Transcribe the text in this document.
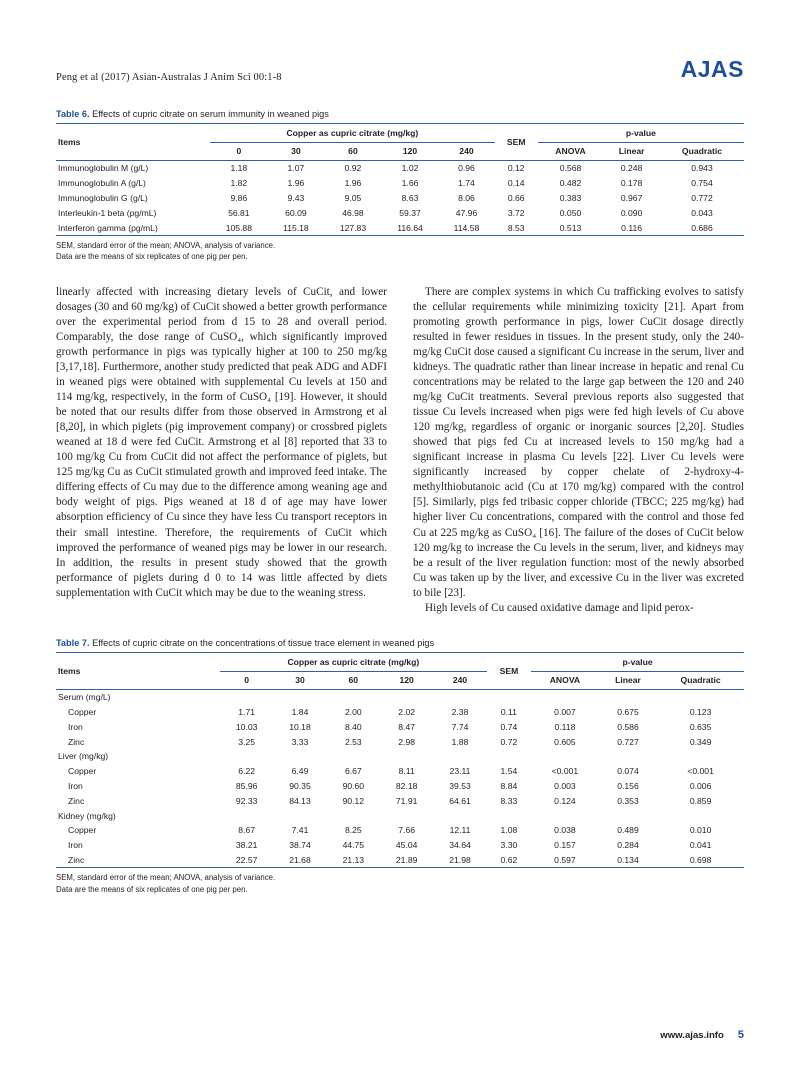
Peng et al (2017) Asian-Australas J Anim Sci 00:1-8	AJAS
Table 6. Effects of cupric citrate on serum immunity in weaned pigs
Items	Copper as cupric citrate (mg/kg)					SEM	p-value		
	0	30	60	120	240		ANOVA	Linear	Quadratic
Immunoglobulin M (g/L)	1.18	1.07	0.92	1.02	0.96	0.12	0.568	0.248	0.943
Immunoglobulin A (g/L)	1.82	1.96	1.96	1.66	1.74	0.14	0.482	0.178	0.754
Immunoglobulin G (g/L)	9.86	9.43	9.05	8.63	8.06	0.66	0.383	0.967	0.772
Interleukin-1 beta (pg/mL)	56.81	60.09	46.98	59.37	47.96	3.72	0.050	0.090	0.043
Interferon gamma (pg/mL)	105.88	115.18	127.83	116.64	114.58	8.53	0.513	0.116	0.686
SEM, standard error of the mean; ANOVA, analysis of variance.
Data are the means of six replicates of one pig per pen.

linearly affected with increasing dietary levels of CuCit, and lower dosages (30 and 60 mg/kg) of CuCit showed a better growth performance over the experimental period from d 15 to 28 and overall period. Comparably, the dose range of CuSO₄, which significantly improved growth performance in pigs was typically higher at 100 to 250 mg/kg [3,17,18]. Furthermore, another study predicted that peak ADG and ADFI in weaned pigs were obtained with supplemental Cu levels at 150 and 114 mg/kg, respectively, in the form of CuSO₄ [19]. However, it should be noted that our results differ from those observed in Armstrong et al [8,20], in which piglets (pig improvement company) or crossbred piglets weaned at 18 d were fed CuCit. Armstrong et al [8] reported that 33 to 100 mg/kg Cu from CuCit did not affect the performance of piglets, but 125 mg/kg Cu as CuCit stimulated growth and improved feed intake. The differing effects of Cu may due to the difference among weaning age and body weight of pigs. Pigs weaned at 18 d of age may have lower absorption efficiency of Cu since they have less Cu transport receptors in their small intestine. Therefore, the requirements of CuCit which improved the performance of weaned pigs may be lower in our research. In addition, the results in present study showed that the growth performance of piglets during d 0 to 14 was little affected by diets supplementation with CuCit which may be due to the weaning stress.

There are complex systems in which Cu trafficking evolves to satisfy the cellular requirements while minimizing toxicity [21]. Apart from promoting growth performance in pigs, lower CuCit dosage directly resulted in fewer residues in tissues. In the present study, only the 240-mg/kg CuCit dose caused a significant Cu increase in the serum, liver and kidneys. The quadratic rather than linear increase in hepatic and renal Cu concentrations may be related to the large gap between the 120 and 240 mg/kg CuCit treatments. Several previous reports also suggested that tissue Cu levels increased when pigs were fed high levels of Cu above 120 mg/kg, regardless of organic or inorganic sources [2,20]. Studies showed that pigs fed Cu at increased levels to 150 mg/kg had a significant increase in plasma Cu levels [22]. Liver Cu levels were significantly increased by copper chelate of 2-hydroxy-4-methylthiobutanoic acid (Cu at 170 mg/kg) compared with the control [5]. Similarly, pigs fed tribasic copper chloride (TBCC; 225 mg/kg) had higher liver Cu concentrations, compared with the control and those fed Cu at 225 mg/kg as CuSO₄ [16]. The failure of the doses of CuCit below 120 mg/kg to increase the Cu levels in the serum, liver, and kidneys may be a result of the liver regulation function: most of the newly absorbed Cu was taken up by the liver, and excessive Cu in the liver was excreted to bile [23].

High levels of Cu caused oxidative damage and lipid perox-

Table 7. Effects of cupric citrate on the concentrations of tissue trace element in weaned pigs
Items	Copper as cupric citrate (mg/kg)					SEM	p-value		
	0	30	60	120	240		ANOVA	Linear	Quadratic
Serum (mg/L)									
Copper	1.71	1.84	2.00	2.02	2.38	0.11	0.007	0.675	0.123
Iron	10.03	10.18	8.40	8.47	7.74	0.74	0.118	0.586	0.635
Zinc	3.25	3.33	2.53	2.98	1.88	0.72	0.605	0.727	0.349
Liver (mg/kg)									
Copper	6.22	6.49	6.67	8.11	23.11	1.54	<0.001	0.074	<0.001
Iron	85.96	90.35	90.60	82.18	39.53	8.84	0.003	0.156	0.006
Zinc	92.33	84.13	90.12	71.91	64.61	8.33	0.124	0.353	0.859
Kidney (mg/kg)									
Copper	8.67	7.41	8.25	7.66	12.11	1.08	0.038	0.489	0.010
Iron	38.21	38.74	44.75	45.04	34.64	3.30	0.157	0.284	0.041
Zinc	22.57	21.68	21.13	21.89	21.98	0.62	0.597	0.134	0.698
SEM, standard error of the mean; ANOVA, analysis of variance.
Data are the means of six replicates of one pig per pen.
www.ajas.info 5
